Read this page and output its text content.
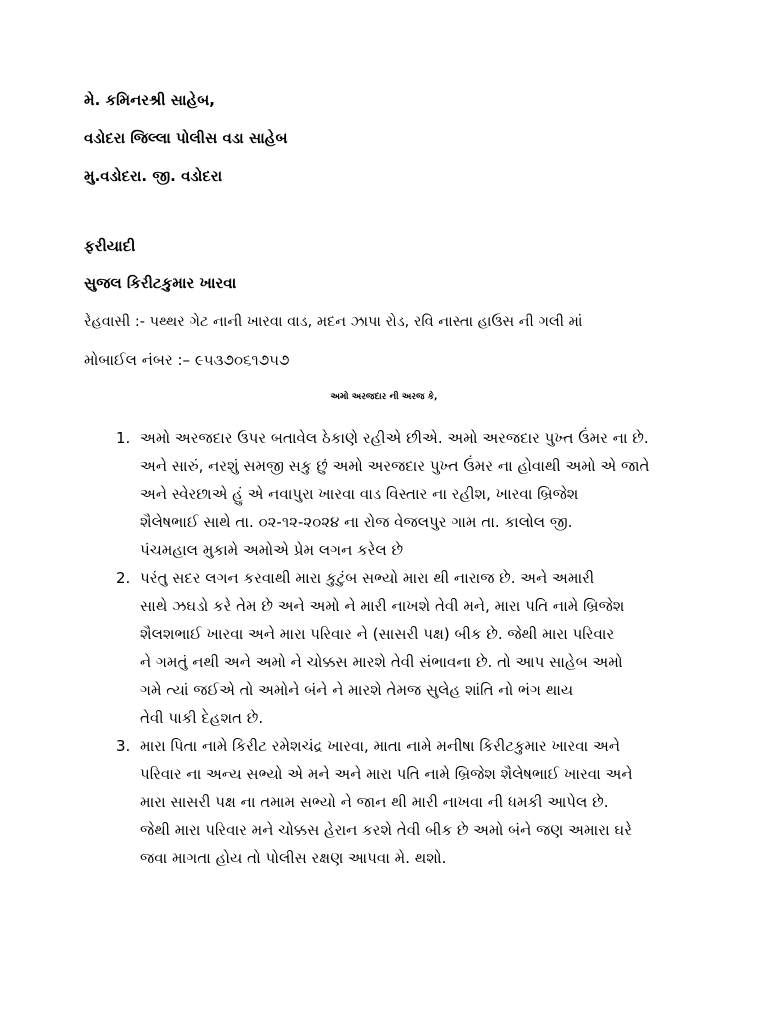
મે. કમિનરશ્રી સાહેબ,
વડોદરા જિલ્લા પોલીસ વડા સાહેબ
મુ.વડોદરા. જી. વડોદરા
ફરીયાદી
સુજલ કિરીટકુમાર ખારવા
રેહવાસી :- પથ્થર ગેટ નાની ખારવા વાડ, મદન ઝાપા રોડ, રવિ નાસ્તા હાઉસ ની ગલી માં
મોબાઈલ નંબર :– ૯૫૩૭૦૬૧૭૫૭
અમો અરજદાર ની અરજ કે,
1. અમો અરજદાર ઉપર બતાવેલ ઠેકાણે રહીએ છીએ. અમો અરજદાર પુખ્ત ઉંમર ના છે.
અને સારું, નરશું સમજી સકુ છું અમો અરજદાર પુખ્ત ઉંમર ના હોવાથી અમો એ જાતે
અને સ્વેરછાએ હું એ નવાપુરા ખારવા વાડ વિસ્તાર ના રહીશ, ખારવા બ્રિજેશ
શૈલેષભાઈ સાથે તા. ૦૨-૧૨-૨૦૨૪ ના રોજ વેજલપુર ગામ તા. કાલોલ જી.
પંચમહાલ મુકામે અમોએ પ્રેમ લગન કરેલ છે
2. પરંતુ સદર લગન કરવાથી મારા કુટુંબ સભ્યો મારા થી નારાજ છે. અને અમારી
સાથે ઝઘડો કરે તેમ છે અને અમો ને મારી નાખશે તેવી મને, મારા પતિ નામે બ્રિજેશ
શૈલશભાઈ ખારવા અને મારા પરિવાર ને (સાસરી પક્ષ) બીક છે. જેથી મારા પરિવાર
ને ગમતું નથી અને અમો ને ચોક્કસ મારશે તેવી સંભાવના છે. તો આપ સાહેબ અમો
ગમે ત્યાં જઈએ તો અમોને બંને ને મારશે તેમજ સુલેહ શાંતિ નો ભંગ થાય
તેવી પાકી દેહશત છે.
3. મારા પિતા નામે કિરીટ રમેશચંદ્ર ખારવા, માતા નામે મનીષા કિરીટકુમાર ખારવા અને
પરિવાર ના અન્ય સભ્યો એ મને અને મારા પતિ નામે બ્રિજેશ શૈલેષભાઈ ખારવા અને
મારા સાસરી પક્ષ ના તમામ સભ્યો ને જાન થી મારી નાખવા ની ધમકી આપેલ છે.
જેથી મારા પરિવાર મને ચોક્કસ હેરાન કરશે તેવી બીક છે અમો બંને જણ અમારા ઘરે
જવા માગતા હોય તો પોલીસ રક્ષણ આપવા મે. થશો.
